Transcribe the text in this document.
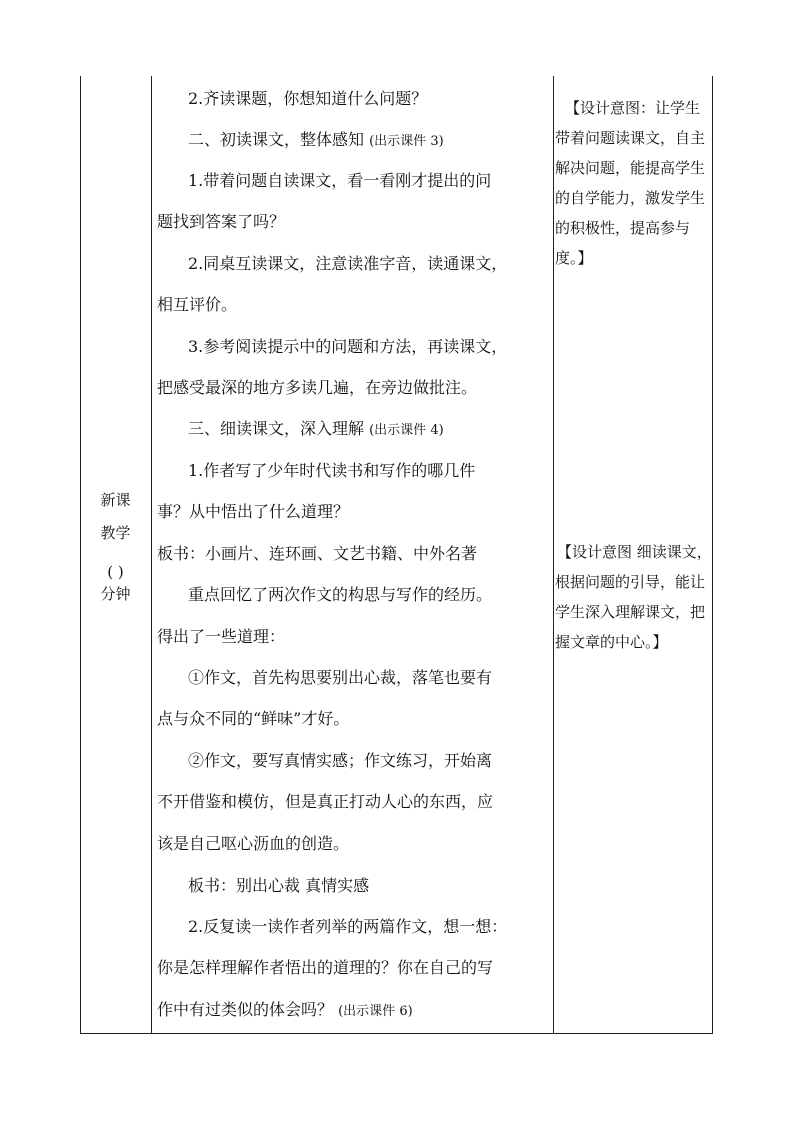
新课
教学
( )
分钟
2.齐读课题，你想知道什么问题？
二、初读课文，整体感知 (出示课件 3)
1.带着问题自读课文，看一看刚才提出的问
题找到答案了吗？
2.同桌互读课文，注意读准字音，读通课文，
相互评价。
3.参考阅读提示中的问题和方法，再读课文，
把感受最深的地方多读几遍，在旁边做批注。
三、细读课文，深入理解 (出示课件 4)
1.作者写了少年时代读书和写作的哪几件
事？从中悟出了什么道理？
板书：小画片、连环画、文艺书籍、中外名著
重点回忆了两次作文的构思与写作的经历。
得出了一些道理：
①作文，首先构思要别出心裁，落笔也要有
点与众不同的“鲜味”才好。
②作文，要写真情实感；作文练习，开始离
不开借鉴和模仿，但是真正打动人心的东西，应
该是自己呕心沥血的创造。
板书：别出心裁 真情实感
2.反复读一读作者列举的两篇作文，想一想：
你是怎样理解作者悟出的道理的？你在自己的写
作中有过类似的体会吗？ (出示课件 6)
【设计意图：让学生
带着问题读课文，自主
解决问题，能提高学生
的自学能力，激发学生
的积极性，提高参与
度。】
【设计意图 细读课文，
根据问题的引导，能让
学生深入理解课文，把
握文章的中心。】
